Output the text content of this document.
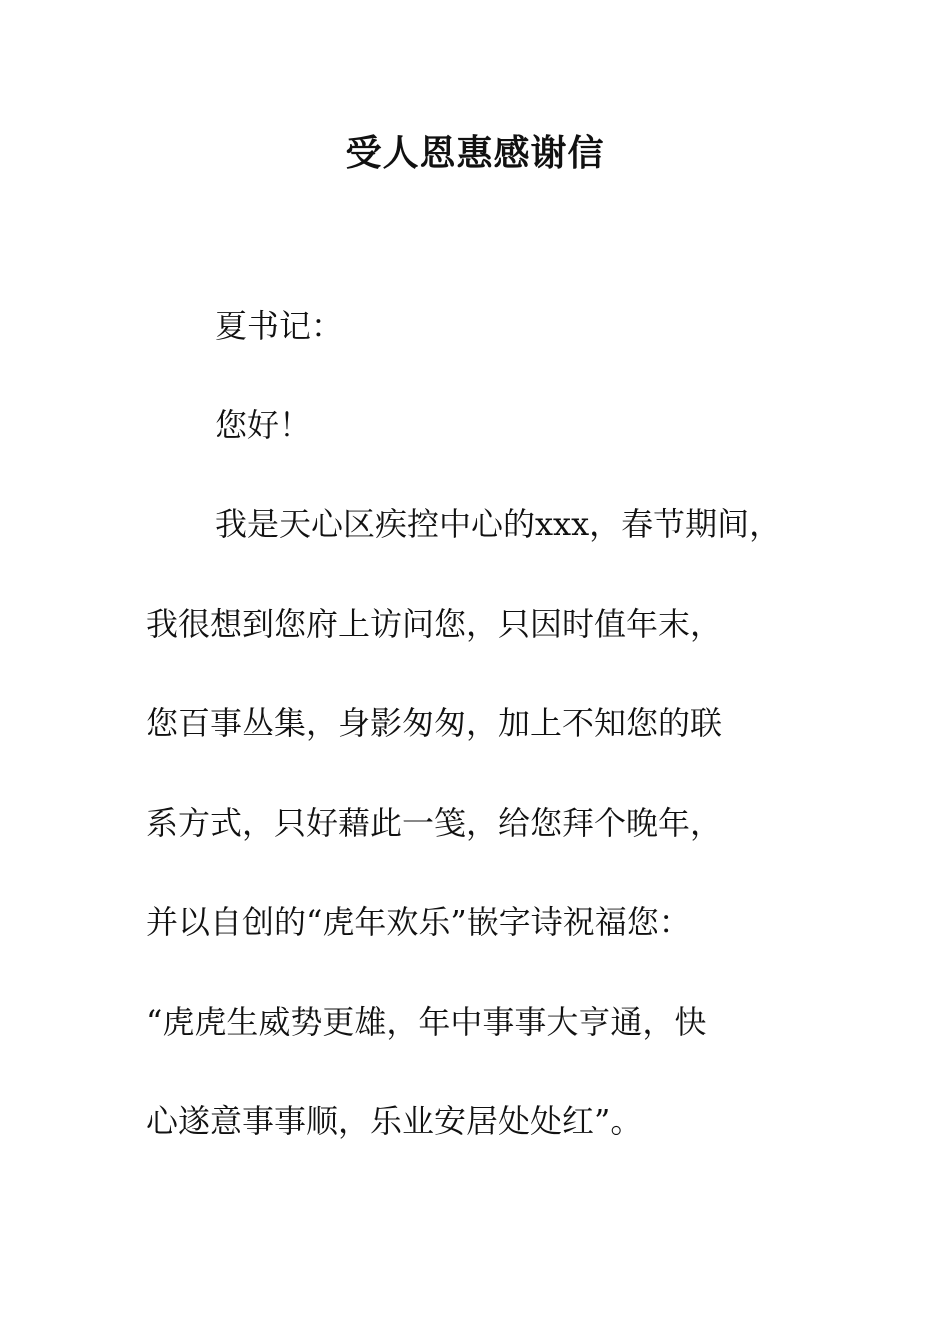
受人恩惠感谢信

夏书记：

您好！

我是天心区疾控中心的xxx，春节期间，

我很想到您府上访问您，只因时值年末，

您百事丛集，身影匆匆，加上不知您的联

系方式，只好藉此一笺，给您拜个晚年，

并以自创的“虎年欢乐”嵌字诗祝福您：

“虎虎生威势更雄，年中事事大亨通，快

心遂意事事顺，乐业安居处处红”。
